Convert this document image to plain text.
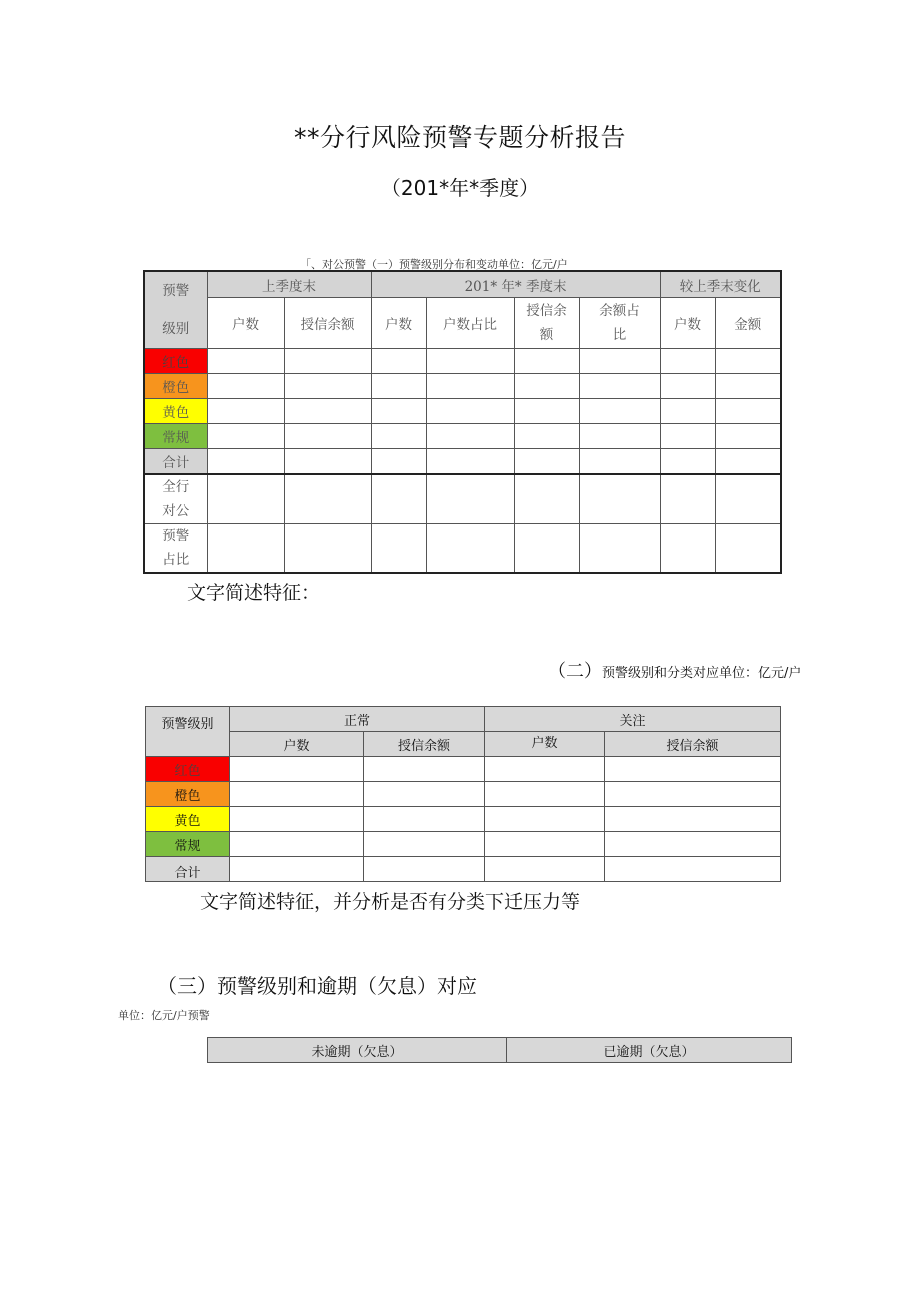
**分行风险预警专题分析报告
（201*年*季度）
「、对公预警（一）预警级别分布和变动单位：亿元/户
预警级别	上季度末		201* 年* 季度末				较上季末变化	
	户数	授信余额	户数	户数占比	授信余额	余额占比	户数	金额
红色								
橙色								
黄色								
常规								
合计								

全行对公								

预警占比								

文字简述特征：
（二）预警级别和分类对应单位：亿元/户
预警级别	正常		关注	
	户数	授信余额	户数	授信余额
红色				
橙色				
黄色				
常规				
合计				
文字简述特征，并分析是否有分类下迁压力等
（三）预警级别和逾期（欠息）对应
单位：亿元/户预警
未逾期（欠息）	已逾期（欠息）
